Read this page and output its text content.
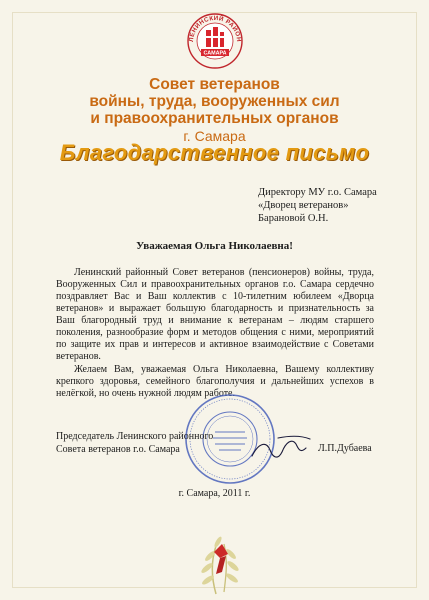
ЛЕНИНСКИЙ РАЙОН
САМАРА
Совет ветеранов
войны, труда, вооруженных сил
и правоохранительных органов
г. Самара
Благодарственное письмо
Директору МУ г.о. Самара
«Дворец ветеранов»
Барановой О.Н.
Уважаемая Ольга Николаевна!

Ленинский районный Совет ветеранов (пенсионеров) войны, труда, Вооруженных Сил и правоохранительных органов г.о. Самара сердечно поздравляет Вас и Ваш коллектив с 10-тилетним юбилеем «Дворца ветеранов» и выражает большую благодарность и признательность за Ваш благородный труд и внимание к ветеранам – людям старшего поколения, разнообразие форм и методов общения с ними, мероприятий по защите их прав и интересов и активное взаимодействие с Советами ветеранов.

Желаем Вам, уважаемая Ольга Николаевна, Вашему коллективу крепкого здоровья, семейного благополучия и дальнейших успехов в нелёгкой, но очень нужной людям работе.

Председатель Ленинского районного
Совета ветеранов г.о. Самара	Л.П.Дубаева
г. Самара, 2011 г.
